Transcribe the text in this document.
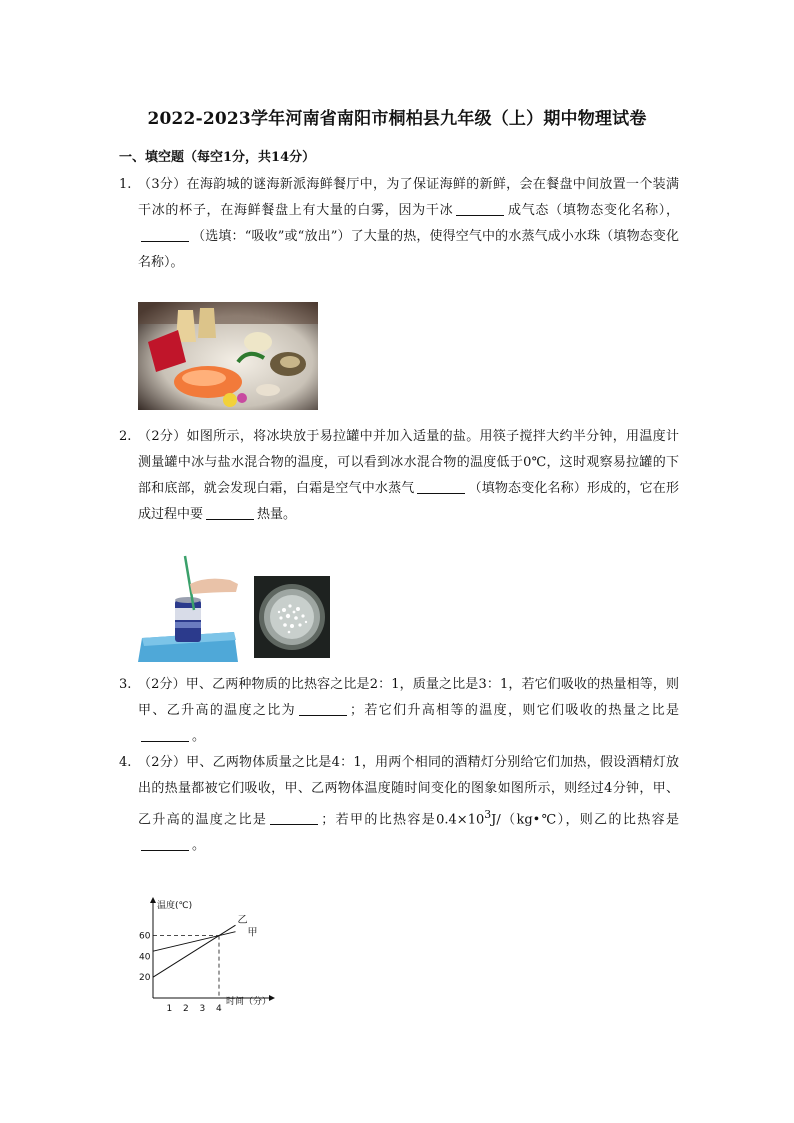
2022-2023学年河南省南阳市桐柏县九年级（上）期中物理试卷
一、填空题（每空1分，共14分）
1. （3分）在海韵城的谜海新派海鲜餐厅中，为了保证海鲜的新鲜，会在餐盘中间放置一个装满干冰的杯子，在海鲜餐盘上有大量的白雾，因为干冰	成气态（填物态变化名称），（选填：“吸收”或“放出”）了大量的热，使得空气中的水蒸气成小水珠（填物态变化名称）。
2. （2分）如图所示，将冰块放于易拉罐中并加入适量的盐。用筷子搅拌大约半分钟，用温度计测量罐中冰与盐水混合物的温度，可以看到冰水混合物的温度低于0℃，这时观察易拉罐的下部和底部，就会发现白霜，白霜是空气中水蒸气	（填物态变化名称）形成的，它在形成过程中要	热量。
3. （2分）甲、乙两种物质的比热容之比是2：1，质量之比是3：1，若它们吸收的热量相等，则甲、乙升高的温度之比为	；若它们升高相等的温度，则它们吸收的热量之比是。
4. （2分）甲、乙两物体质量之比是4：1，用两个相同的酒精灯分别给它们加热，假设酒精灯放出的热量都被它们吸收，甲、乙两物体温度随时间变化的图象如图所示，则经过4分钟，甲、乙升高的温度之比是	；若甲的比热容是$0.4\times 10^3J/(kg•℃)$，则乙的比热容是。
温度(℃)
时间（分）
60
40
20
1 2 3 4
乙
甲
